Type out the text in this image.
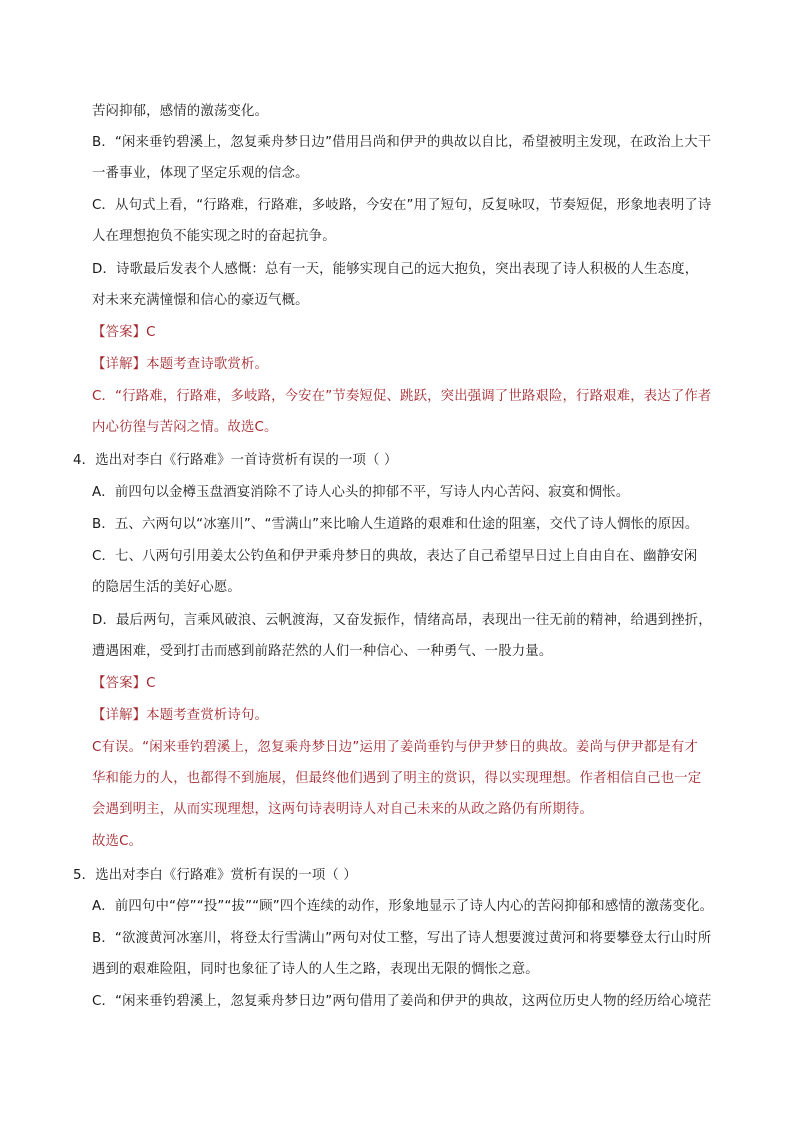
苦闷抑郁，感情的激荡变化。
B．“闲来垂钓碧溪上，忽复乘舟梦日边”借用吕尚和伊尹的典故以自比，希望被明主发现，在政治上大干
一番事业，体现了坚定乐观的信念。
C．从句式上看，“行路难，行路难，多岐路，今安在”用了短句，反复咏叹，节奏短促，形象地表明了诗
人在理想抱负不能实现之时的奋起抗争。
D．诗歌最后发表个人感慨：总有一天，能够实现自己的远大抱负，突出表现了诗人积极的人生态度，
对未来充满憧憬和信心的豪迈气概。
【答案】C
【详解】本题考查诗歌赏析。
C．“行路难，行路难，多岐路，今安在”节奏短促、跳跃，突出强调了世路艰险，行路艰难，表达了作者
内心彷徨与苦闷之情。故选C。
4．选出对李白《行路难》一首诗赏析有误的一项（ ）
A．前四句以金樽玉盘酒宴消除不了诗人心头的抑郁不平，写诗人内心苦闷、寂寞和惆怅。
B．五、六两句以“冰塞川”、“雪满山”来比喻人生道路的艰难和仕途的阻塞，交代了诗人惆怅的原因。
C．七、八两句引用姜太公钓鱼和伊尹乘舟梦日的典故，表达了自己希望早日过上自由自在、幽静安闲
的隐居生活的美好心愿。
D．最后两句，言乘风破浪、云帆渡海，又奋发振作，情绪高昂，表现出一往无前的精神，给遇到挫折，
遭遇困难，受到打击而感到前路茫然的人们一种信心、一种勇气、一股力量。
【答案】C
【详解】本题考查赏析诗句。
C有误。“闲来垂钓碧溪上，忽复乘舟梦日边”运用了姜尚垂钓与伊尹梦日的典故。姜尚与伊尹都是有才
华和能力的人，也都得不到施展，但最终他们遇到了明主的赏识，得以实现理想。作者相信自己也一定
会遇到明主，从而实现理想，这两句诗表明诗人对自己未来的从政之路仍有所期待。
故选C。
5．选出对李白《行路难》赏析有误的一项（ ）
A．前四句中“停”“投”“拔”“顾”四个连续的动作，形象地显示了诗人内心的苦闷抑郁和感情的激荡变化。
B．“欲渡黄河冰塞川，将登太行雪满山”两句对仗工整，写出了诗人想要渡过黄河和将要攀登太行山时所
遇到的艰难险阻，同时也象征了诗人的人生之路，表现出无限的惆怅之意。
C．“闲来垂钓碧溪上，忽复乘舟梦日边”两句借用了姜尚和伊尹的典故，这两位历史人物的经历给心境茫
